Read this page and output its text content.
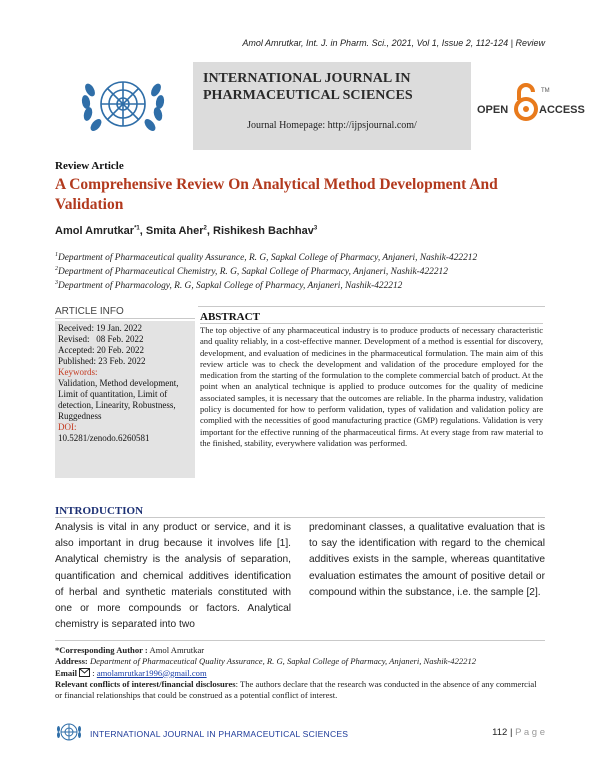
Amol Amrutkar, Int. J. in Pharm. Sci., 2021, Vol 1, Issue 2, 112-124 | Review
INTERNATIONAL JOURNAL IN
PHARMACEUTICAL SCIENCES
Journal Homepage: http://ijpsjournal.com/
OPEN
TM
ACCESS
Review Article
A Comprehensive Review On Analytical Method Development And Validation
Amol Amrutkar$^{*1}$, Smita Aher$^2$, Rishikesh Bachhav$^3$
$^1$Department of Pharmaceutical quality Assurance, R. G, Sapkal College of Pharmacy, Anjaneri, Nashik-422212
$^2$Department of Pharmaceutical Chemistry, R. G, Sapkal College of Pharmacy, Anjaneri, Nashik-422212
$^3$Department of Pharmacology, R. G, Sapkal College of Pharmacy, Anjaneri, Nashik-422212
ARTICLE INFO
Received: 19 Jan. 2022
Revised:   08 Feb. 2022
Accepted: 20 Feb. 2022
Published: 23 Feb. 2022
Keywords:
Validation, Method development, Limit of quantitation, Limit of detection, Linearity, Robustness, Ruggedness
DOI:
10.5281/zenodo.6260581
ABSTRACT
The top objective of any pharmaceutical industry is to produce products of necessary characteristic and quality reliably, in a cost-effective manner. Development of a method is essential for discovery, development, and evaluation of medicines in the pharmaceutical formulation. The main aim of this review article was to check the development and validation of the procedure employed for the medication from the starting of the formulation to the complete commercial batch of product. At the point when an analytical technique is applied to produce outcomes for the quality of medicine associated samples, it is necessary that the outcomes are reliable. In the pharma industry, validation policy is documented for how to perform validation, types of validation and validation policy are complied with the necessities of good manufacturing practice (GMP) regulations. Validation is very important for the effective running of the pharmaceutical firms. At every stage from raw material to the finished, stability, everywhere validation was performed.
INTRODUCTION
Analysis is vital in any product or service, and it is also important in drug because it involves life [1]. Analytical chemistry is the analysis of separation, quantification and chemical additives identification of herbal and synthetic materials constituted with one or more compounds or factors. Analytical chemistry is separated into two
predominant classes, a qualitative evaluation that is to say the identification with regard to the chemical additives exists in the sample, whereas quantitative evaluation estimates the amount of positive detail or compound within the substance, i.e. the sample [2].
*Corresponding Author : Amol Amrutkar
Address: Department of Pharmaceutical Quality Assurance, R. G, Sapkal College of Pharmacy, Anjaneri, Nashik-422212
Email  : amolamrutkar1996@gmail.com
Relevant conflicts of interest/financial disclosures: The authors declare that the research was conducted in the absence of any commercial or financial relationships that could be construed as a potential conflict of interest.
INTERNATIONAL JOURNAL IN PHARMACEUTICAL SCIENCES	112 | P a g e
